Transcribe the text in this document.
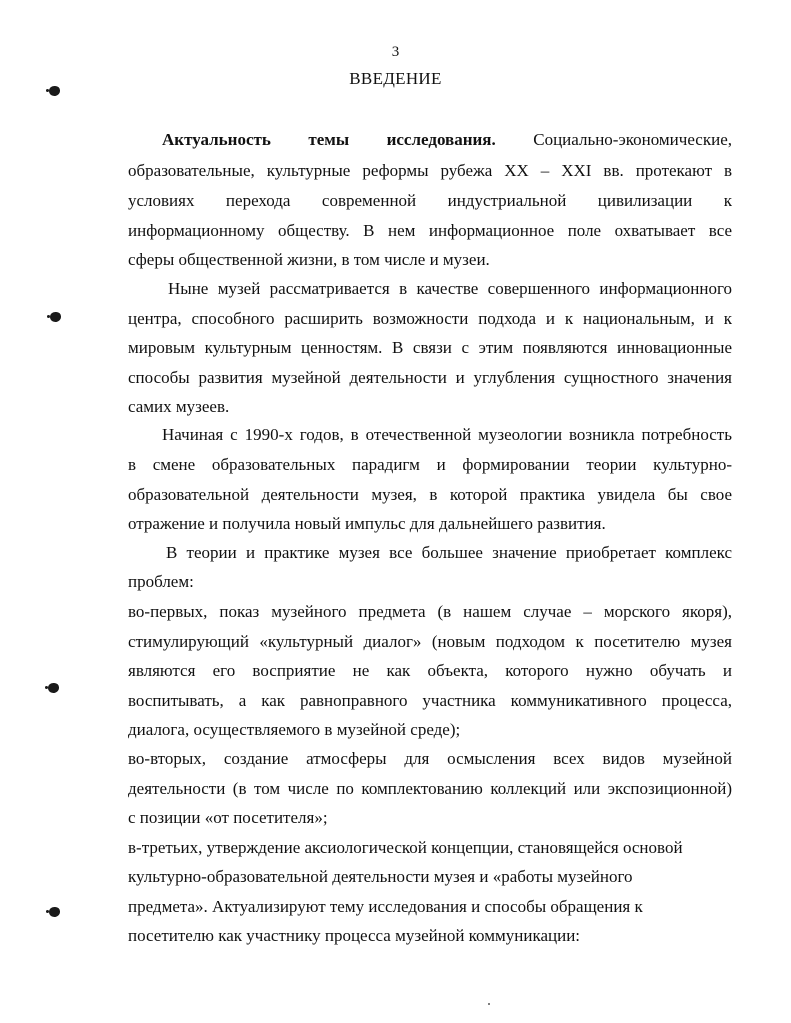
3
ВВЕДЕНИЕ
Актуальность темы исследования. Социально-экономические,
образовательные, культурные реформы рубежа XX – XXI вв. протекают в
условиях перехода современной индустриальной цивилизации к
информационному обществу. В нем информационное поле охватывает все
сферы общественной жизни, в том числе и музеи.
Ныне музей рассматривается в качестве совершенного информационного
центра, способного расширить возможности подхода и к национальным, и к
мировым культурным ценностям. В связи с этим появляются инновационные
способы развития музейной деятельности и углубления сущностного значения
самих музеев.
Начиная с 1990-х годов, в отечественной музеологии возникла потребность
в смене образовательных парадигм и формировании теории культурно-
образовательной деятельности музея, в которой практика увидела бы свое
отражение и получила новый импульс для дальнейшего развития.
В теории и практике музея все большее значение приобретает комплекс
проблем:
во-первых, показ музейного предмета (в нашем случае – морского якоря),
стимулирующий «культурный диалог» (новым подходом к посетителю музея
являются его восприятие не как объекта, которого нужно обучать и
воспитывать, а как равноправного участника коммуникативного процесса,
диалога, осуществляемого в музейной среде);
во-вторых, создание атмосферы для осмысления всех видов музейной
деятельности (в том числе по комплектованию коллекций или экспозиционной)
с позиции «от посетителя»;
в-третьих, утверждение аксиологической концепции, становящейся основой
культурно-образовательной деятельности музея и «работы музейного
предмета». Актуализируют тему исследования и способы обращения к
посетителю как участнику процесса музейной коммуникации:
